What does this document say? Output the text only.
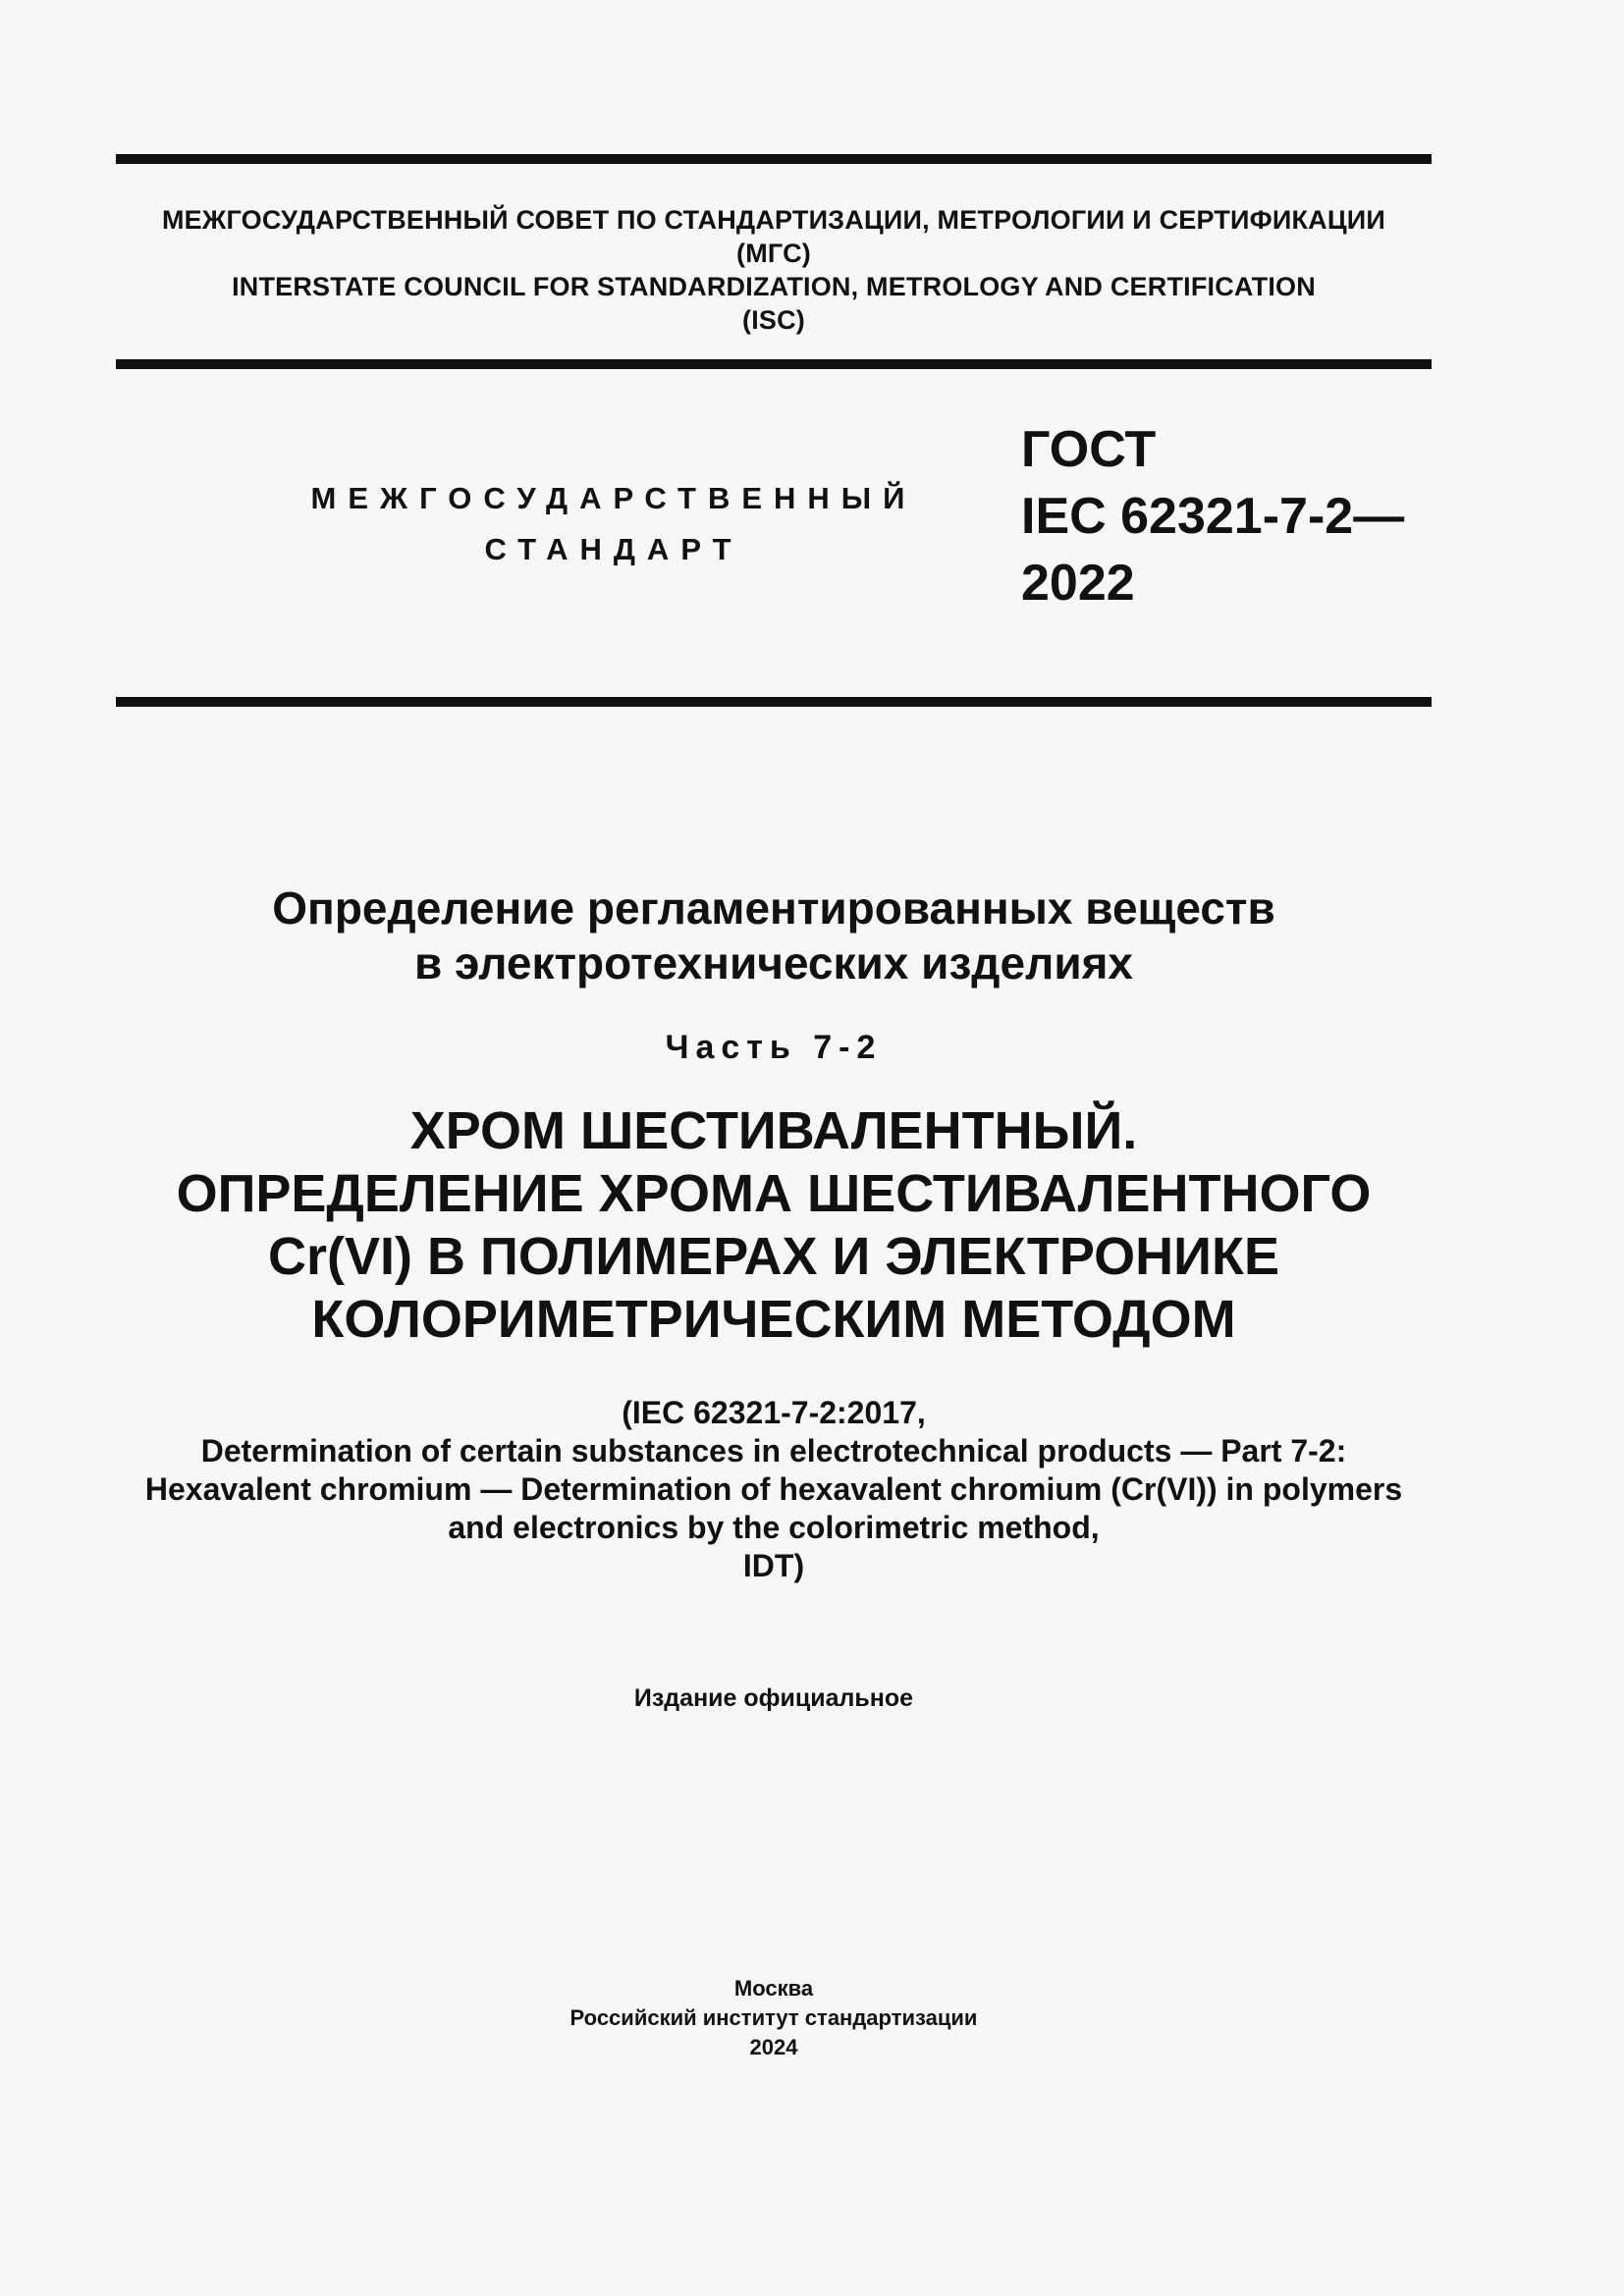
МЕЖГОСУДАРСТВЕННЫЙ СОВЕТ ПО СТАНДАРТИЗАЦИИ, МЕТРОЛОГИИ И СЕРТИФИКАЦИИ
(МГС)
INTERSTATE COUNCIL FOR STANDARDIZATION, METROLOGY AND CERTIFICATION
(ISC)
МЕЖГОСУДАРСТВЕННЫЙ
СТАНДАРТ
ГОСТ
IEC 62321-7-2—
2022
Определение регламентированных веществ
в электротехнических изделиях
Часть 7-2
ХРОМ ШЕСТИВАЛЕНТНЫЙ.
ОПРЕДЕЛЕНИЕ ХРОМА ШЕСТИВАЛЕНТНОГО
Cr(VI) В ПОЛИМЕРАХ И ЭЛЕКТРОНИКЕ
КОЛОРИМЕТРИЧЕСКИМ МЕТОДОМ
(IEC 62321-7-2:2017,
Determination of certain substances in electrotechnical products — Part 7-2:
Hexavalent chromium — Determination of hexavalent chromium (Cr(VI)) in polymers
and electronics by the colorimetric method,
IDT)
Издание официальное
Москва
Российский институт стандартизации
2024
